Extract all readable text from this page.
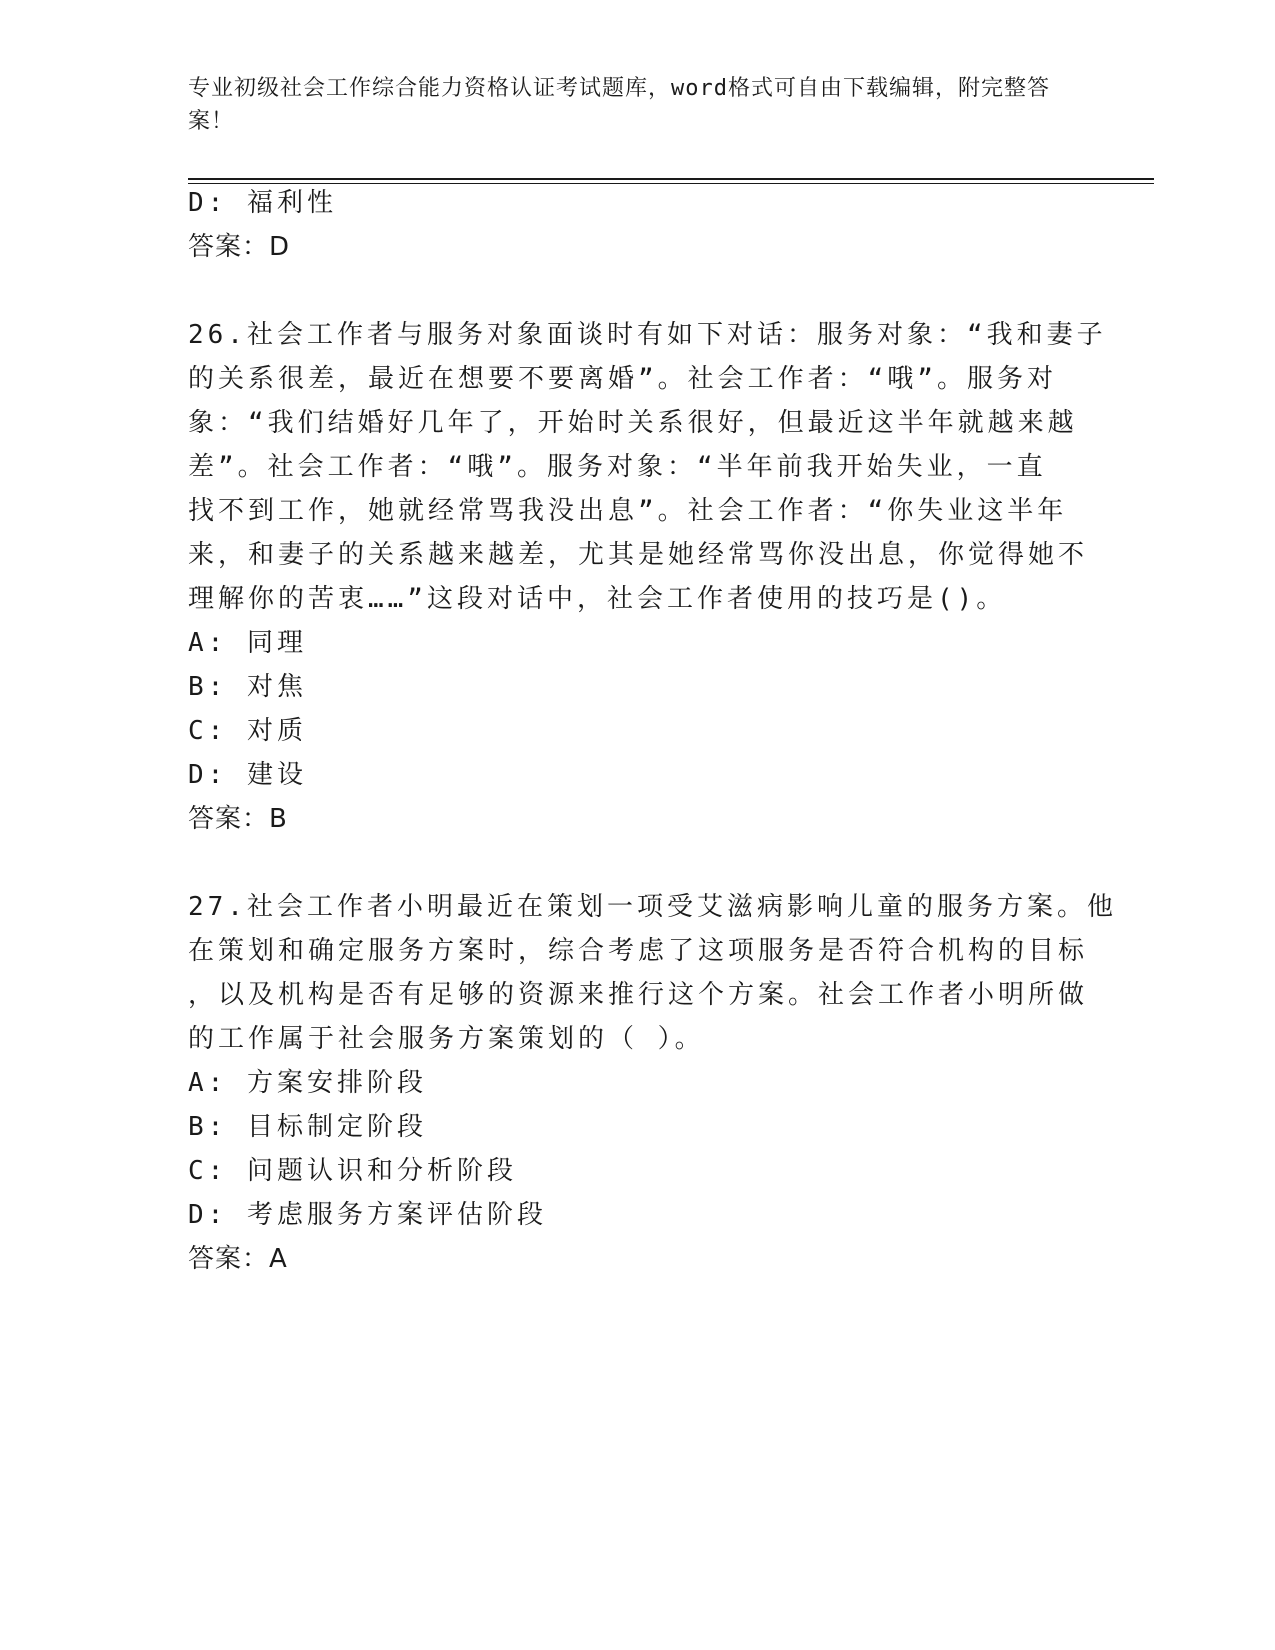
专业初级社会工作综合能力资格认证考试题库，word格式可自由下载编辑，附完整答案！
D: 福利性
答案：D
26.社会工作者与服务对象面谈时有如下对话：服务对象：“我和妻子
的关系很差，最近在想要不要离婚”。社会工作者：“哦”。服务对
象：“我们结婚好几年了，开始时关系很好，但最近这半年就越来越
差”。社会工作者：“哦”。服务对象：“半年前我开始失业，一直
找不到工作，她就经常骂我没出息”。社会工作者：“你失业这半年
来，和妻子的关系越来越差，尤其是她经常骂你没出息，你觉得她不
理解你的苦衷……”这段对话中，社会工作者使用的技巧是()。
A: 同理
B: 对焦
C: 对质
D: 建设
答案：B
27.社会工作者小明最近在策划一项受艾滋病影响儿童的服务方案。他
在策划和确定服务方案时，综合考虑了这项服务是否符合机构的目标
，以及机构是否有足够的资源来推行这个方案。社会工作者小明所做
的工作属于社会服务方案策划的（ ）。
A: 方案安排阶段
B: 目标制定阶段
C: 问题认识和分析阶段
D: 考虑服务方案评估阶段
答案：A
